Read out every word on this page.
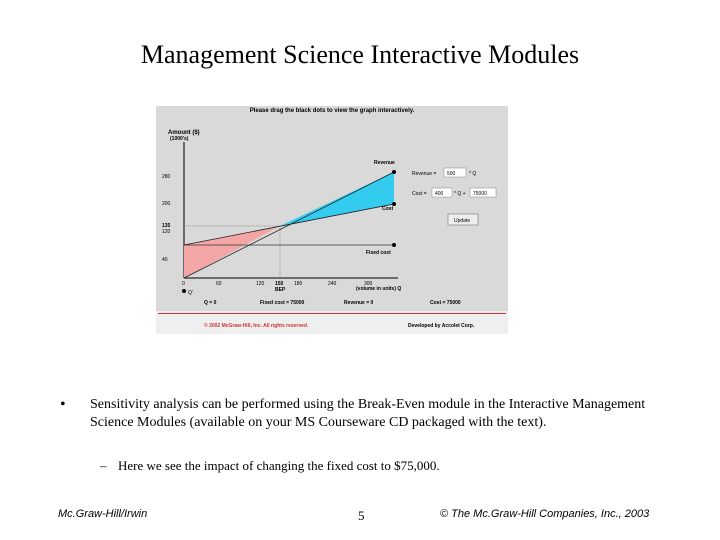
Management Science Interactive Modules
Please drag the black dots to view the graph interactively.
Amount ($)
(1000's)
280
200
135
120
40
0	60	120 150 180	240	300
BEP	(volume in units) Q
Q'
Revenue
Cost
Fixed cost
Revenue = 500	* Q
Cost = 400 * Q + 75000
Update
Q = 0	Fixed cost = 75000	Revenue = 0	Cost = 75000
© 2002 McGraw-Hill, Inc. All rights reserved.	Developed by Accolet Corp.
• Sensitivity analysis can be performed using the Break-Even module in the Interactive Management Science Modules (available on your MS Courseware CD packaged with the text).
– Here we see the impact of changing the fixed cost to $75,000.
Mc.Graw-Hill/Irwin	5	© The Mc.Graw-Hill Companies, Inc., 2003
